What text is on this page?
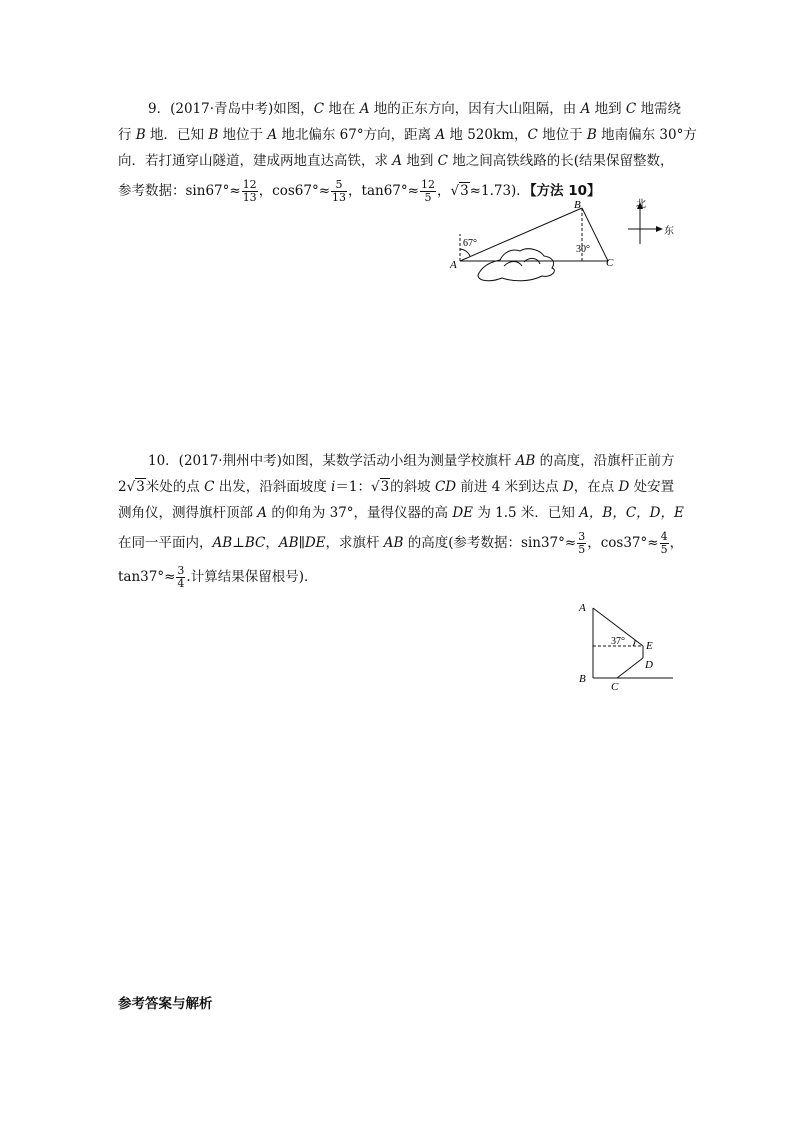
9．(2017·青岛中考)如图，C 地在 A 地的正东方向，因有大山阻隔，由 A 地到 C 地需绕
行 B 地．已知 B 地位于 A 地北偏东 67°方向，距离 A 地 520km，C 地位于 B 地南偏东 30°方
向．若打通穿山隧道，建成两地直达高铁，求 A 地到 C 地之间高铁线路的长(结果保留整数，
参考数据：$\sin 67^\circ\approx \frac{12}{13}$ ，$\cos 67^\circ\approx \frac{5}{13}$ ，$\tan 67^\circ\approx \frac{12}{5}$ ，√3≈1.73)．【方法 10】
A
B
C
67°
30°
北
东
10．(2017·荆州中考)如图，某数学活动小组为测量学校旗杆 AB 的高度，沿旗杆正前方
2√3米处的点 C 出发，沿斜面坡度 i＝1：√3的斜坡 CD 前进 4 米到达点 D，在点 D 处安置
测角仪，测得旗杆顶部 A 的仰角为 37°，量得仪器的高 DE 为 1.5 米．已知 A，B，C，D，E
在同一平面内，AB⊥BC，AB∥DE，求旗杆 AB 的高度(参考数据：$\sin 37^\circ\approx \frac{3}{5}$ ，$\cos 37^\circ\approx \frac{4}{5}$ ，
$\tan 37^\circ\approx \frac{3}{4}$ .计算结果保留根号)．
A
B
C
D
E
37°
参考答案与解析
